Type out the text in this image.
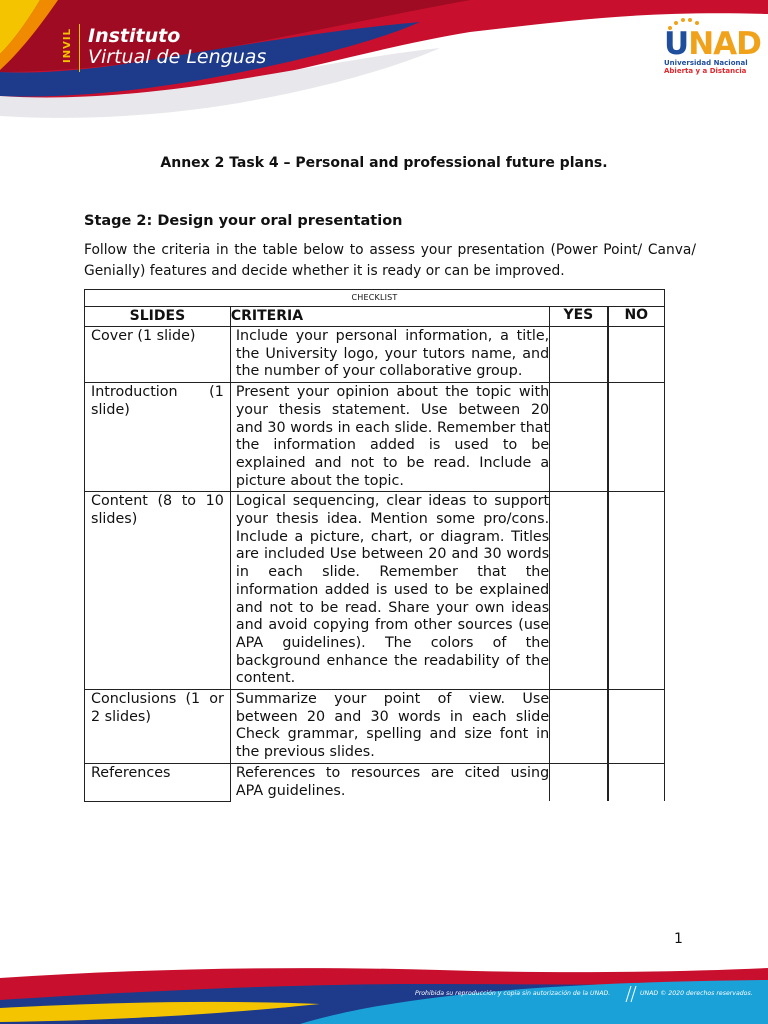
INVIL Instituto
Virtual de Lenguas	UNAD
Universidad Nacional
Abierta y a Distancia
Annex 2 Task 4 – Personal and professional future plans.
Stage 2: Design your oral presentation

Follow the criteria in the table below to assess your presentation (Power Point/ Canva/ Genially) features and decide whether it is ready or can be improved.

CHECKLIST			
SLIDES	CRITERIA	YES	NO
Cover (1 slide)	Include your personal information, a title, the University logo, your tutors name, and the number of your collaborative group.		
Introduction (1 slide)	Present your opinion about the topic with your thesis statement. Use between 20 and 30 words in each slide. Remember that the information added is used to be explained and not to be read. Include a picture about the topic.		
Content (8 to 10 slides)	Logical sequencing, clear ideas to support your thesis idea. Mention some pro/cons. Include a picture, chart, or diagram. Titles are included Use between 20 and 30 words in each slide. Remember that the information added is used to be explained and not to be read. Share your own ideas and avoid copying from other sources (use APA guidelines). The colors of the background enhance the readability of the content.		
Conclusions (1 or 2 slides)	Summarize your point of view. Use between 20 and 30 words in each slide Check grammar, spelling and size font in the previous slides.		
References	References to resources are cited using APA guidelines.		
1
Prohibida su reproducción y copia sin autorización de la UNAD.	UNAD © 2020 derechos reservados.
